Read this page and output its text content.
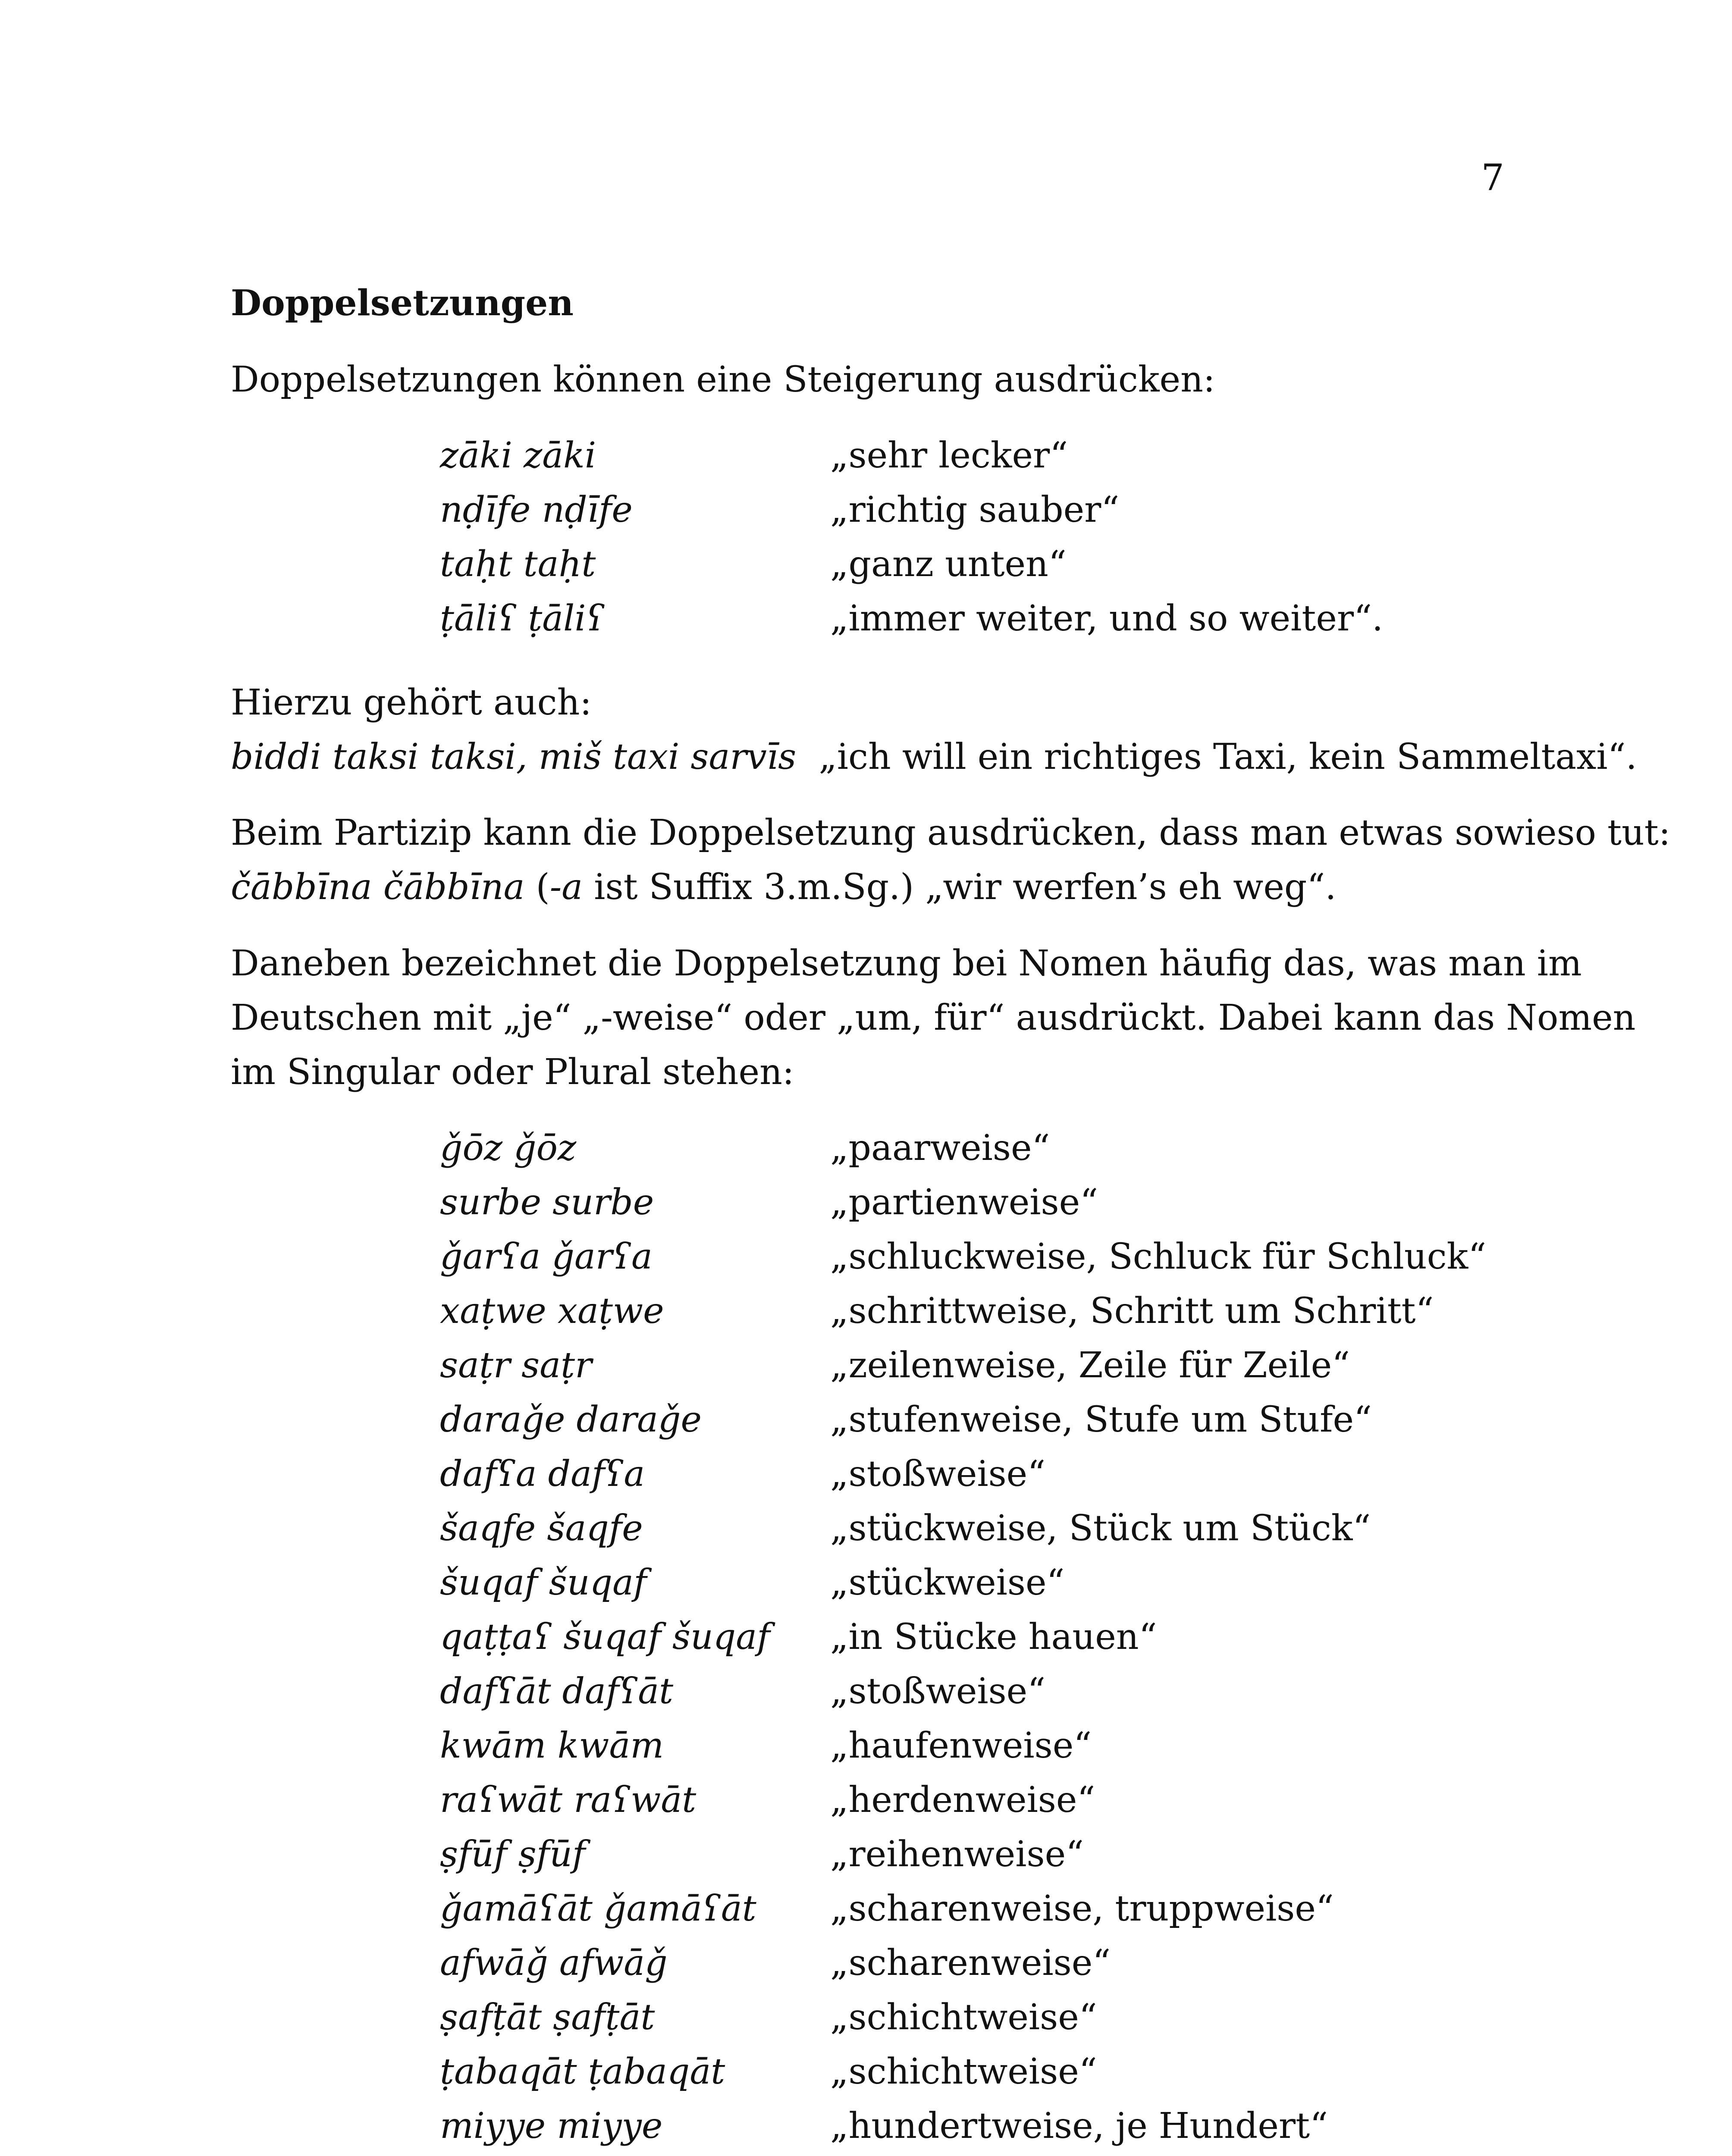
7
Doppelsetzungen
Doppelsetzungen können eine Steigerung ausdrücken:
zāki zāki	„sehr lecker“
nḍīfe nḍīfe	„richtig sauber“
taḥt taḥt	„ganz unten“
ṭāliʕ ṭāliʕ	„immer weiter, und so weiter“.
Hierzu gehört auch:
biddi taksi taksi, miš taxi sarvīs „ich will ein richtiges Taxi, kein Sammeltaxi“.
Beim Partizip kann die Doppelsetzung ausdrücken, dass man etwas sowieso tut:
čābbīna čābbīna (-a ist Suffix 3.m.Sg.) „wir werfen’s eh weg“.
Daneben bezeichnet die Doppelsetzung bei Nomen häufig das, was man im
Deutschen mit „je“ „-weise“ oder „um, für“ ausdrückt. Dabei kann das Nomen
im Singular oder Plural stehen:
ǧōz ǧōz	„paarweise“
surbe surbe	„partienweise“
ǧarʕa ǧarʕa	„schluckweise, Schluck für Schluck“
xaṭwe xaṭwe	„schrittweise, Schritt um Schritt“
saṭr saṭr	„zeilenweise, Zeile für Zeile“
daraǧe daraǧe	„stufenweise, Stufe um Stufe“
dafʕa dafʕa	„stoßweise“
šaqfe šaqfe	„stückweise, Stück um Stück“
šuqaf šuqaf	„stückweise“
qaṭṭaʕ šuqaf šuqaf	„in Stücke hauen“
dafʕāt dafʕāt	„stoßweise“
kwām kwām	„haufenweise“
raʕwāt raʕwāt	„herdenweise“
ṣfūf ṣfūf	„reihenweise“
ǧamāʕāt ǧamāʕāt	„scharenweise, truppweise“
afwāǧ afwāǧ	„scharenweise“
ṣafṭāt ṣafṭāt	„schichtweise“
ṭabaqāt ṭabaqāt	„schichtweise“
miyye miyye	„hundertweise, je Hundert“
